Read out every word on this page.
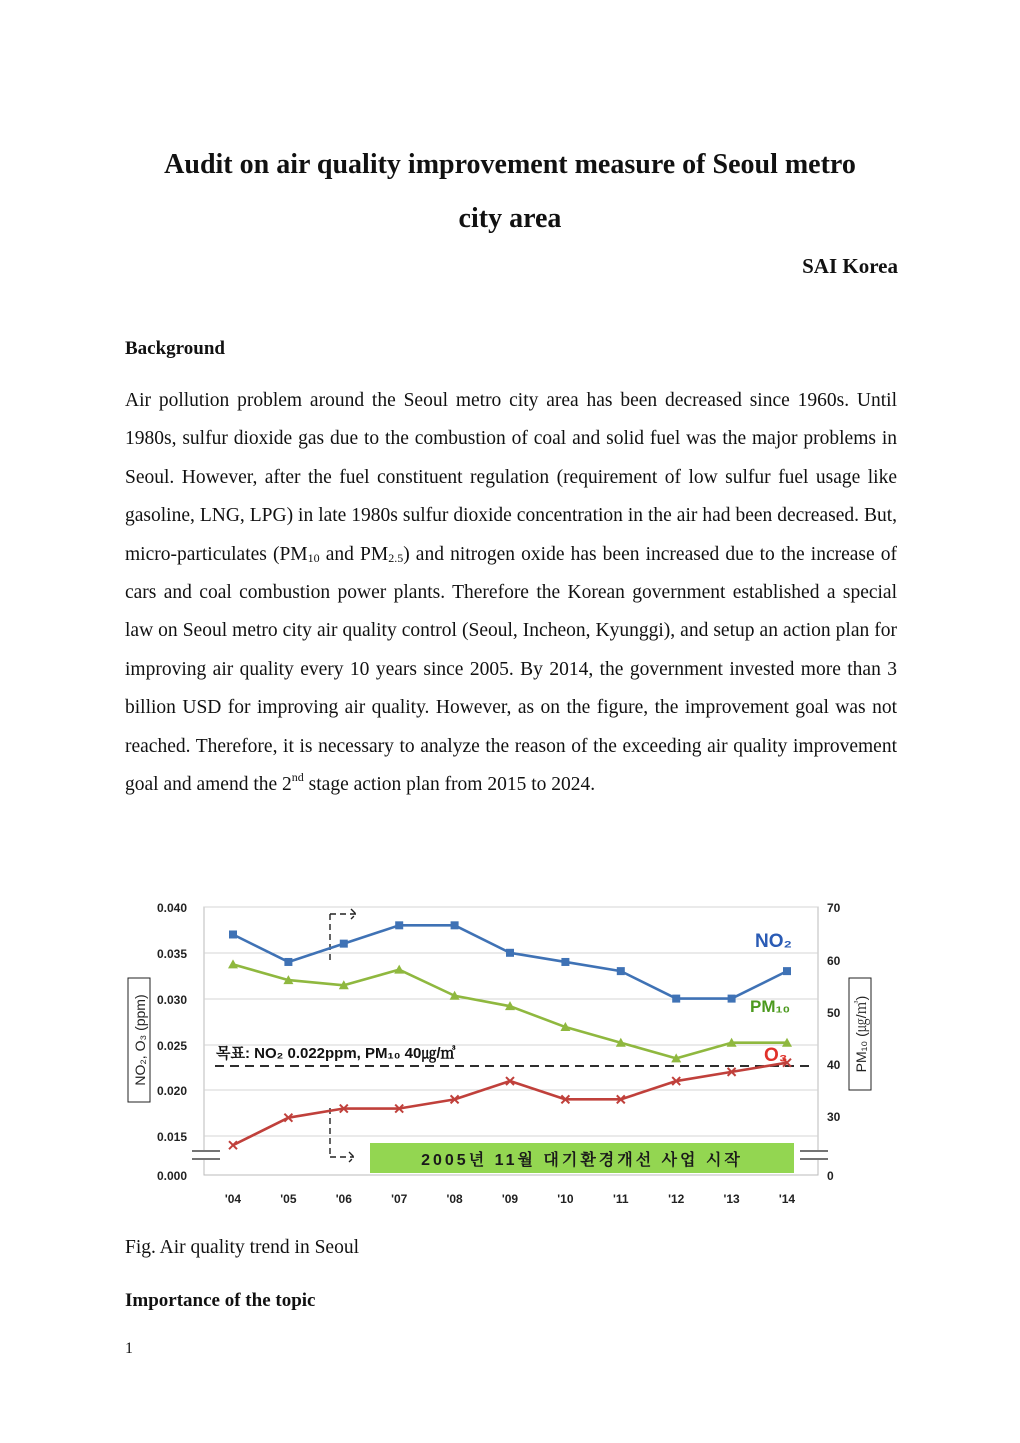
Audit on air quality improvement measure of Seoul metro
city area
SAI Korea
Background
Air pollution problem around the Seoul metro city area has been decreased since 1960s. Until 1980s, sulfur dioxide gas due to the combustion of coal and solid fuel was the major problems in Seoul. However, after the fuel constituent regulation (requirement of low sulfur fuel usage like gasoline, LNG, LPG) in late 1980s sulfur dioxide concentration in the air had been decreased. But, micro-particulates ($PM_{10}$ and $PM_{2.5}$) and nitrogen oxide has been increased due to the increase of cars and coal combustion power plants. Therefore the Korean government established a special law on Seoul metro city air quality control (Seoul, Incheon, Kyunggi), and setup an action plan for improving air quality every 10 years since 2005. By 2014, the government invested more than 3 billion USD for improving air quality. However, as on the figure, the improvement goal was not reached. Therefore, it is necessary to analyze the reason of the exceeding air quality improvement goal and amend the 2nd stage action plan from 2015 to 2024.
0.040
0.035
0.030
0.025
0.020
0.015
0.000
70
60
50
40
30
0
'04	'05	'06	'07	'08	'09	'10	'11	'12	'13	'14
NO₂, O₃ (ppm)	PM₁₀ (㎍/㎥)
목표: NO₂ 0.022ppm, PM₁₀ 40㎍/㎥
2005년 11월 대기환경개선 사업 시작
NO₂
PM₁₀
O₃
Fig. Air quality trend in Seoul
Importance of the topic
1
